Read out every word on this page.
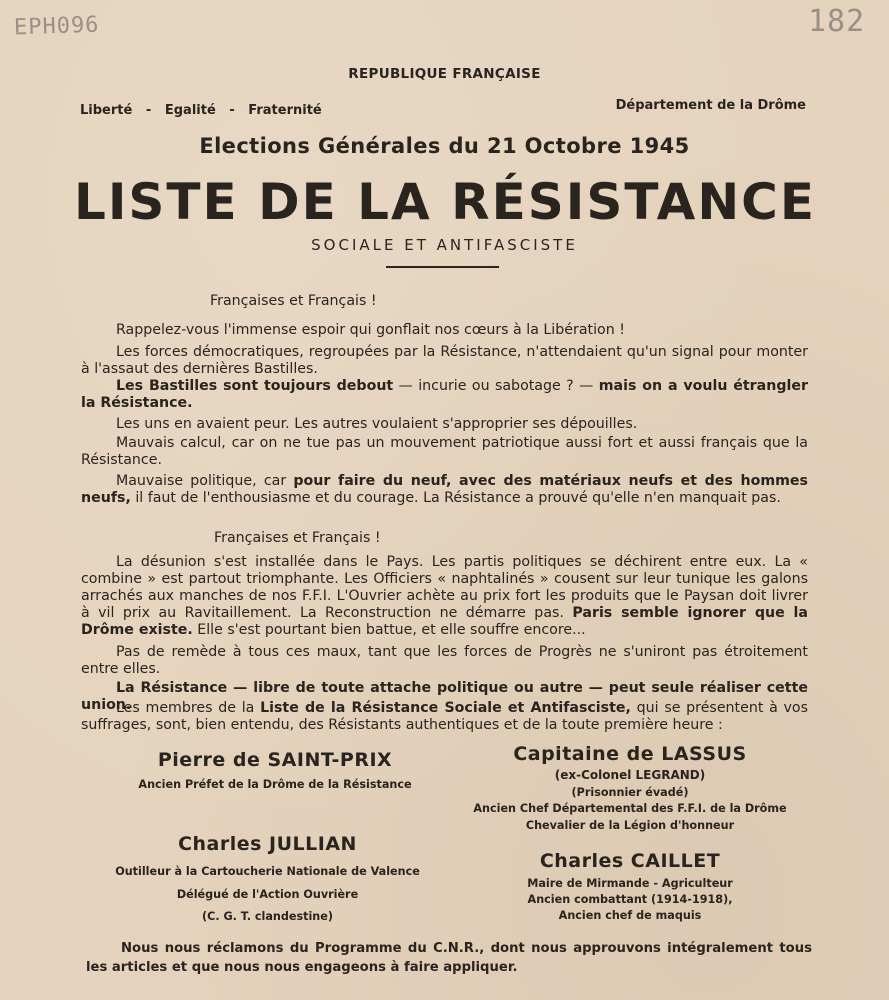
EPH096	182
REPUBLIQUE FRANÇAISE
Liberté   -   Egalité   -   Fraternité	Département de la Drôme
Elections Générales du 21 Octobre 1945
LISTE DE LA RÉSISTANCE
SOCIALE ET ANTIFASCISTE
Françaises et Français !
Rappelez-vous l'immense espoir qui gonflait nos cœurs à la Libération !
Les forces démocratiques, regroupées par la Résistance, n'attendaient qu'un signal pour monter à l'assaut des dernières Bastilles.
Les Bastilles sont toujours debout — incurie ou sabotage ? — mais on a voulu étrangler la Résistance.
Les uns en avaient peur. Les autres voulaient s'approprier ses dépouilles.
Mauvais calcul, car on ne tue pas un mouvement patriotique aussi fort et aussi français que la Résistance.
Mauvaise politique, car pour faire du neuf, avec des matériaux neufs et des hommes neufs, il faut de l'enthousiasme et du courage. La Résistance a prouvé qu'elle n'en manquait pas.
Françaises et Français !
La désunion s'est installée dans le Pays. Les partis politiques se déchirent entre eux. La « combine » est partout triomphante. Les Officiers « naphtalinés » cousent sur leur tunique les galons arrachés aux manches de nos F.F.I. L'Ouvrier achète au prix fort les produits que le Paysan doit livrer à vil prix au Ravitaillement. La Reconstruction ne démarre pas. Paris semble ignorer que la Drôme existe. Elle s'est pourtant bien battue, et elle souffre encore...
Pas de remède à tous ces maux, tant que les forces de Progrès ne s'uniront pas étroitement entre elles.
La Résistance — libre de toute attache politique ou autre — peut seule réaliser cette union.
Les membres de la Liste de la Résistance Sociale et Antifasciste, qui se présentent à vos suffrages, sont, bien entendu, des Résistants authentiques et de la toute première heure :
Pierre de SAINT-PRIX
Ancien Préfet de la Drôme de la Résistance
Capitaine de LASSUS
(ex-Colonel LEGRAND)
(Prisonnier évadé)
Ancien Chef Départemental des F.F.I. de la Drôme
Chevalier de la Légion d'honneur
Charles JULLIAN
Outilleur à la Cartoucherie Nationale de Valence
Délégué de l'Action Ouvrière
(C. G. T. clandestine)
Charles CAILLET
Maire de Mirmande - Agriculteur
Ancien combattant (1914-1918),
Ancien chef de maquis
Nous nous réclamons du Programme du C.N.R., dont nous approuvons intégralement tous les articles et que nous nous engageons à faire appliquer.
